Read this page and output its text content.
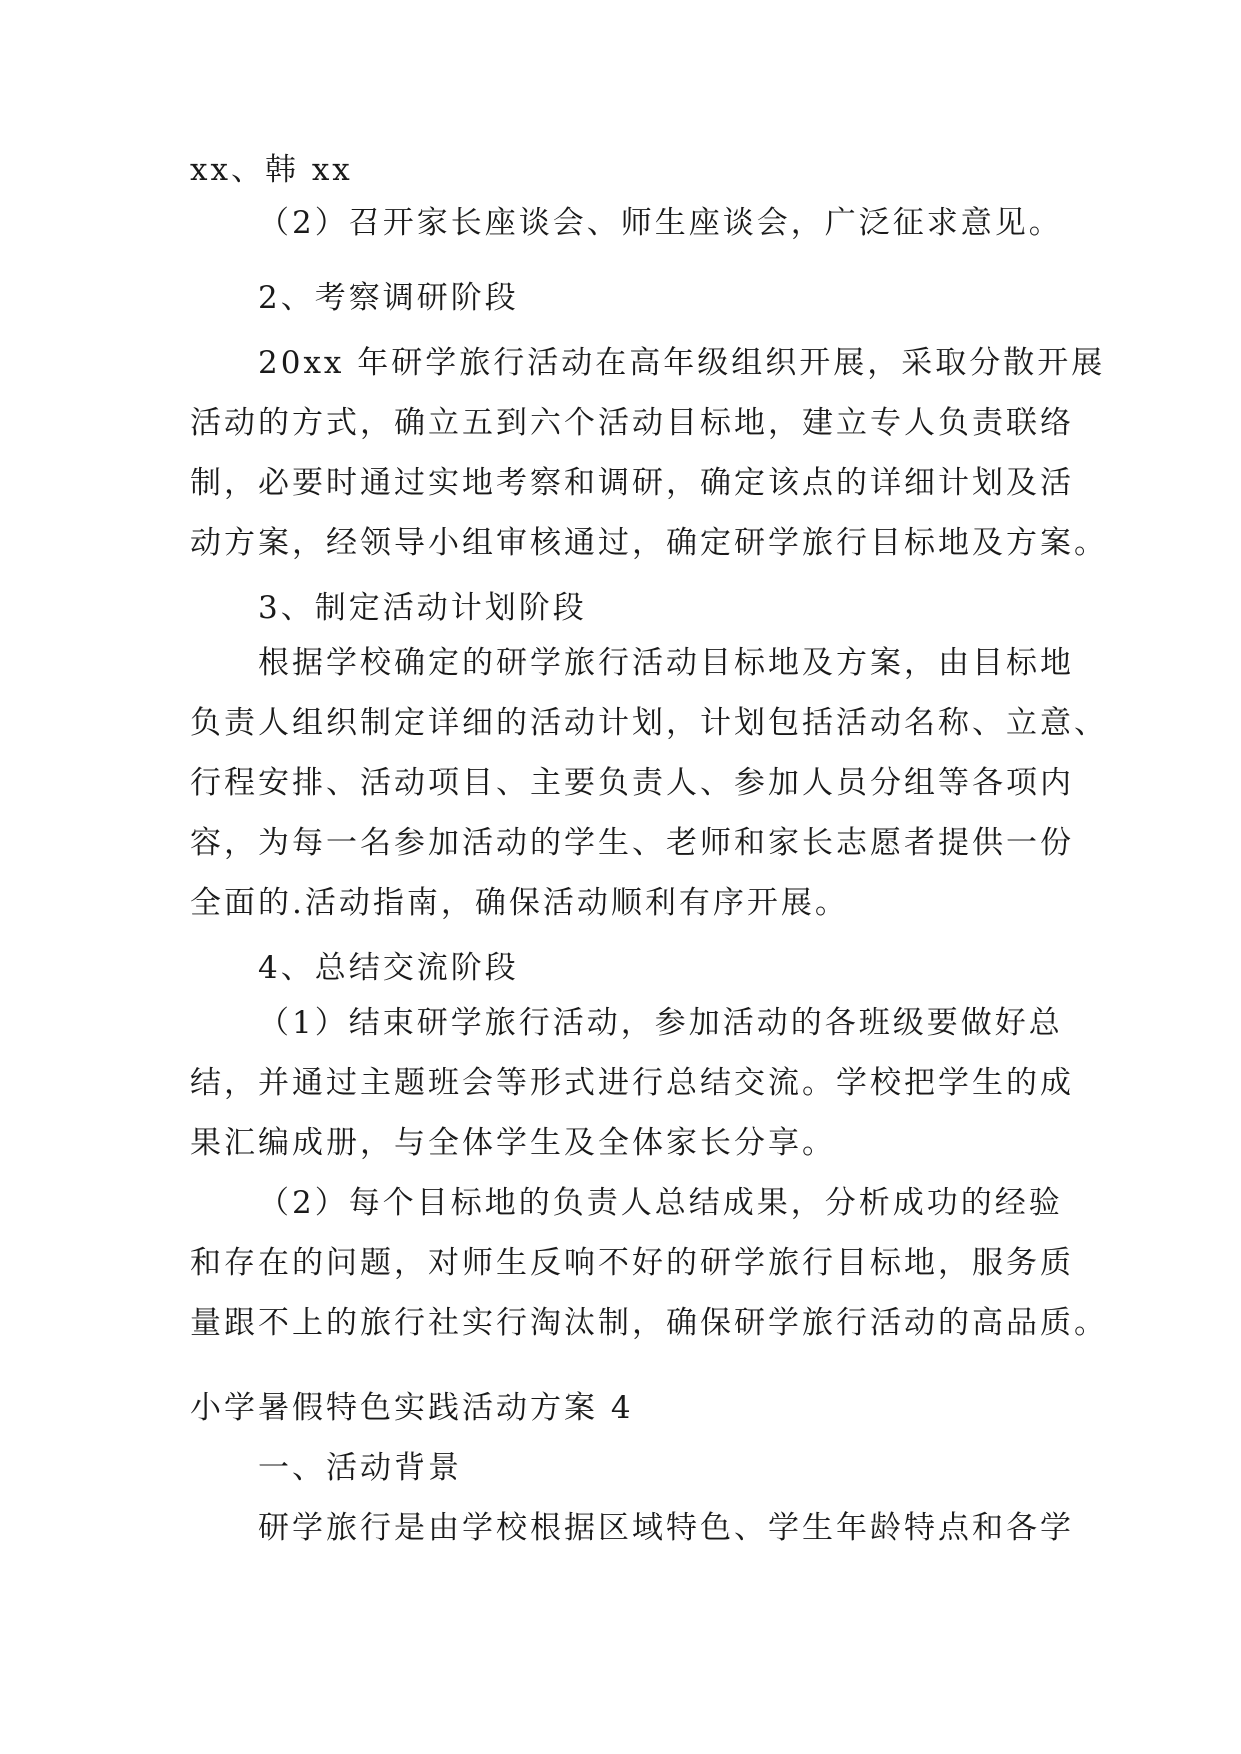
xx、韩 xx
（2）召开家长座谈会、师生座谈会，广泛征求意见。
2、考察调研阶段
20xx 年研学旅行活动在高年级组织开展，采取分散开展
活动的方式，确立五到六个活动目标地，建立专人负责联络
制，必要时通过实地考察和调研，确定该点的详细计划及活
动方案，经领导小组审核通过，确定研学旅行目标地及方案。
3、制定活动计划阶段
根据学校确定的研学旅行活动目标地及方案，由目标地
负责人组织制定详细的活动计划，计划包括活动名称、立意、
行程安排、活动项目、主要负责人、参加人员分组等各项内
容，为每一名参加活动的学生、老师和家长志愿者提供一份
全面的.活动指南，确保活动顺利有序开展。
4、总结交流阶段
（1）结束研学旅行活动，参加活动的各班级要做好总
结，并通过主题班会等形式进行总结交流。学校把学生的成
果汇编成册，与全体学生及全体家长分享。
（2）每个目标地的负责人总结成果，分析成功的经验
和存在的问题，对师生反响不好的研学旅行目标地，服务质
量跟不上的旅行社实行淘汰制，确保研学旅行活动的高品质。
小学暑假特色实践活动方案 4
一、活动背景
研学旅行是由学校根据区域特色、学生年龄特点和各学
